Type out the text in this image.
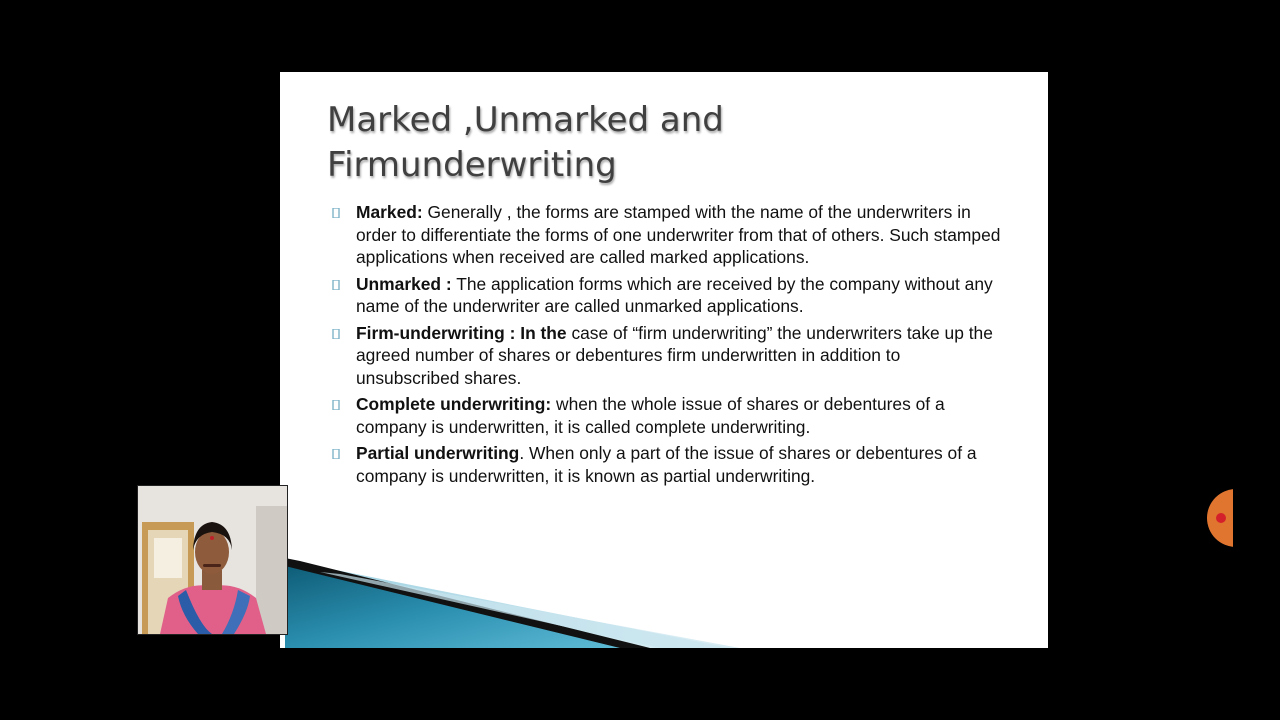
Marked ,Unmarked and
Firmunderwriting
Marked: Generally , the forms are stamped with the name of the underwriters in order to differentiate the forms of one underwriter from that of others. Such stamped applications when received are called marked applications.
Unmarked : The application forms which are received by the company without any name of the underwriter are called unmarked applications.
Firm-underwriting : In the case of “firm underwriting” the underwriters take up the agreed number of shares or debentures firm underwritten in addition to unsubscribed shares.
Complete underwriting: when the whole issue of shares or debentures of a company is underwritten, it is called complete underwriting.
Partial underwriting. When only a part of the issue of shares or debentures of a company is underwritten, it is known as partial underwriting.
